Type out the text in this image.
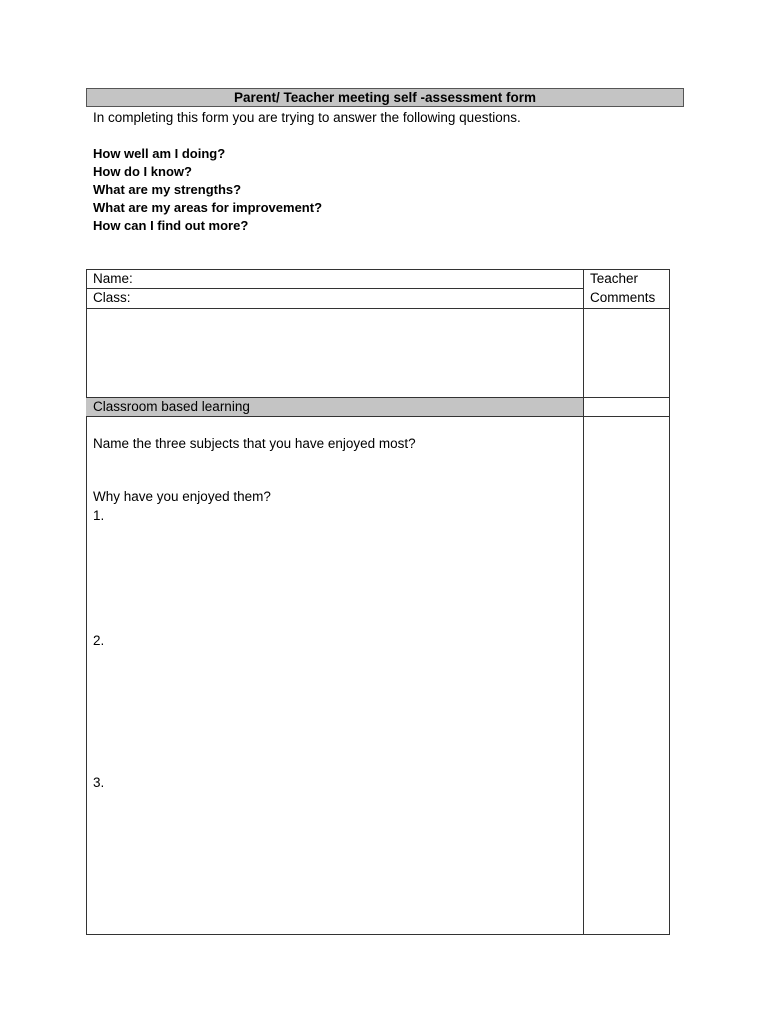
Parent/ Teacher meeting self -assessment form
In completing this form you are trying to answer the following questions.
How well am I doing?
How do I know?
What are my strengths?
What are my areas for improvement?
How can I find out more?
Name:
Class:
Teacher
Comments
Classroom based learning
Name the three subjects that you have enjoyed most?
Why have you enjoyed them?
1.
2.
3.
